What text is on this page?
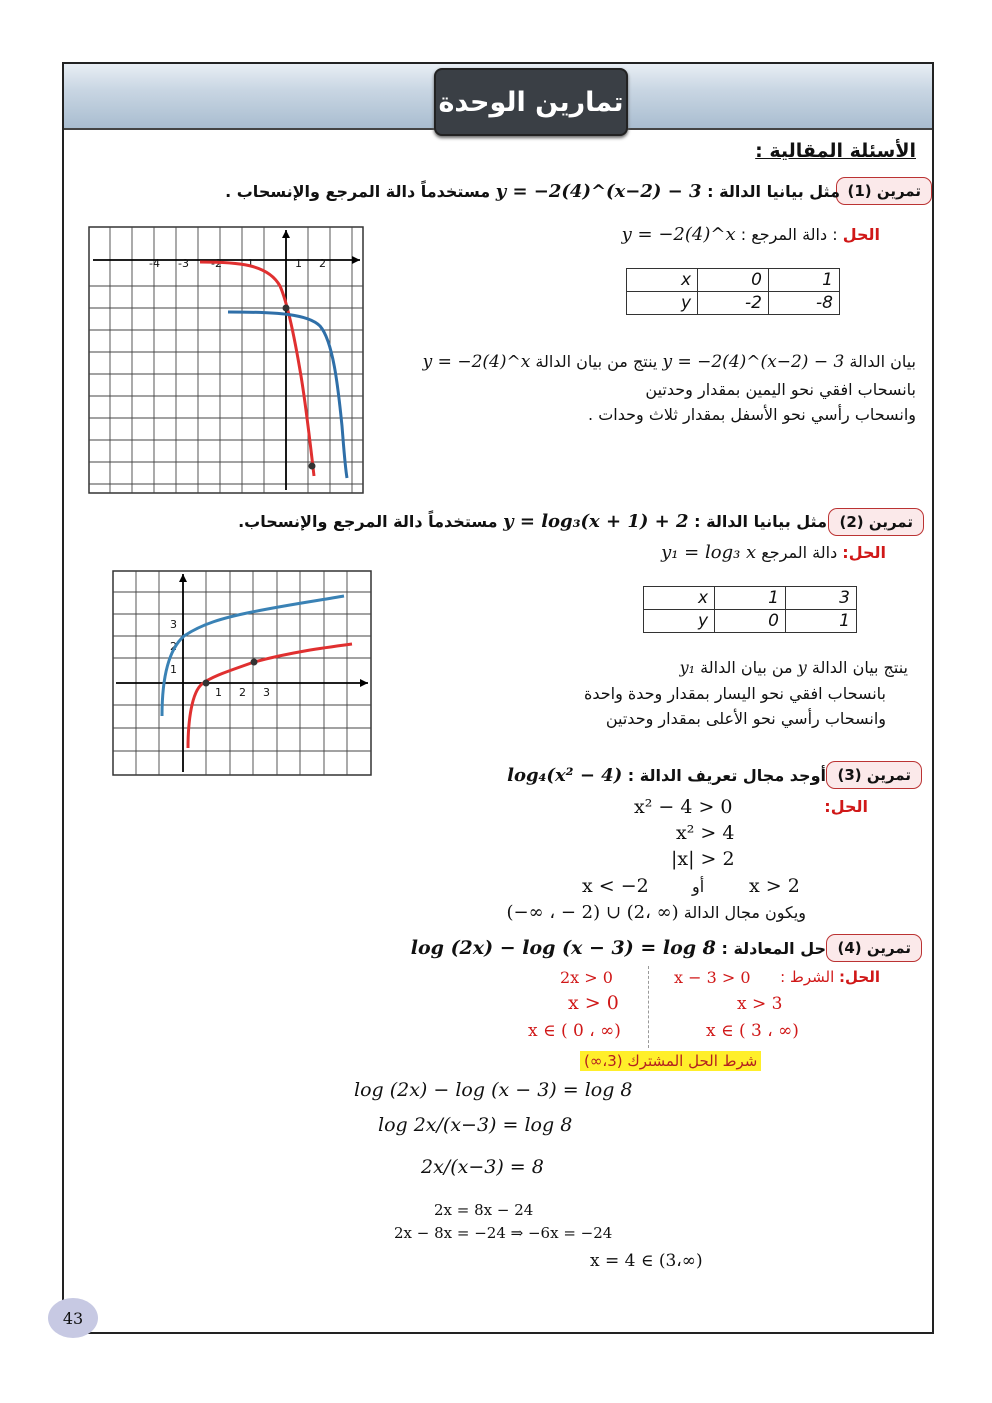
تمارين الوحدة
الأسئلة المقالية :
تمرين (1)
مثل بيانيا الدالة : y = −2(4)^(x−2) − 3 مستخدماً دالة المرجع والإنسحاب .
الحل : دالة المرجع : y = −2(4)^x
x	0	1
y	-2	-8
بيان الدالة y = −2(4)^(x−2) − 3 ينتج من بيان الدالة y = −2(4)^x
بانسحاب افقي نحو اليمين بمقدار وحدتين
وانسحاب رأسي نحو الأسفل بمقدار ثلاث وحدات .
-4 -3 -2 -1	1 2
تمرين (2)
مثل بيانيا الدالة : y = log₃(x + 1) + 2 مستخدماً دالة المرجع والإنسحاب.
الحل: دالة المرجع y₁ = log₃ x
x	1	3
y	0	1
ينتج بيان الدالة y من بيان الدالة y₁
بانسحاب افقي نحو اليسار بمقدار وحدة واحدة
وانسحاب رأسي نحو الأعلى بمقدار وحدتين
1 2 3
1
2
3
تمرين (3)
أوجد مجال تعريف الدالة : log₄(x² − 4)
الحل:
x² − 4 > 0
x² > 4
|x| > 2
x < −2	أو x > 2
ويكون مجال الدالة (−∞ ، − 2) ∪ (2، ∞)
تمرين (4)
حل المعادلة : log (2x) − log (x − 3) = log 8
الحل: الشرط :
x − 3 > 0
x > 3
x ∈ ( 3 ، ∞)
2x > 0
x > 0
x ∈ ( 0 ، ∞)
شرط الحل المشترك (3،∞)
log (2x) − log (x − 3) = log 8
log 2x/(x−3) = log 8
2x/(x−3) = 8
2x = 8x − 24
2x − 8x = −24 ⇒ −6x = −24
x = 4 ∈ (3،∞)
43
